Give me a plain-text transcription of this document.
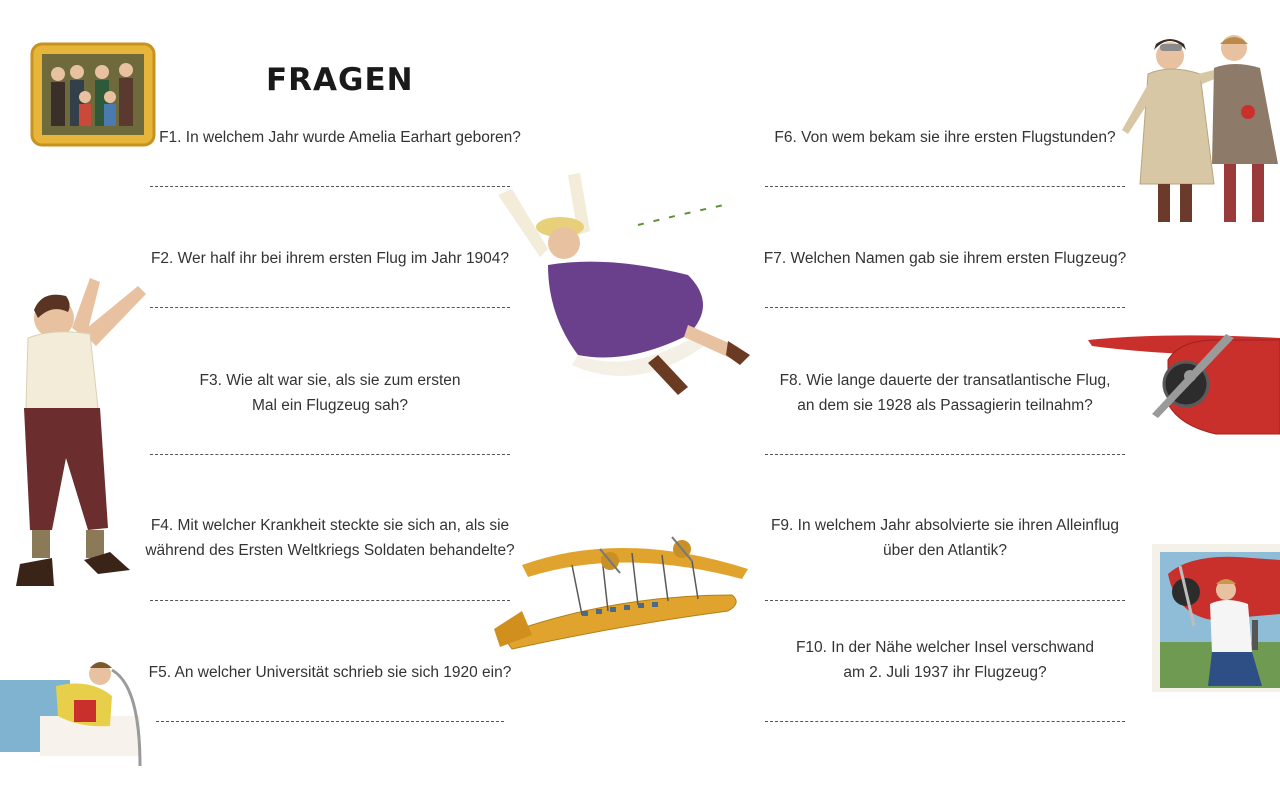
FRAGEN
F1. In welchem Jahr wurde Amelia Earhart geboren?
F2. Wer half ihr bei ihrem ersten Flug im Jahr 1904?
F3. Wie alt war sie, als sie zum ersten
Mal ein Flugzeug sah?
F4. Mit welcher Krankheit steckte sie sich an, als sie
während des Ersten Weltkriegs Soldaten behandelte?
F5. An welcher Universität schrieb sie sich 1920 ein?
F6. Von wem bekam sie ihre ersten Flugstunden?
F7. Welchen Namen gab sie ihrem ersten Flugzeug?
F8. Wie lange dauerte der transatlantische Flug,
an dem sie 1928 als Passagierin teilnahm?
F9. In welchem Jahr absolvierte sie ihren Alleinflug
über den Atlantik?
F10. In der Nähe welcher Insel verschwand
am 2. Juli 1937 ihr Flugzeug?
